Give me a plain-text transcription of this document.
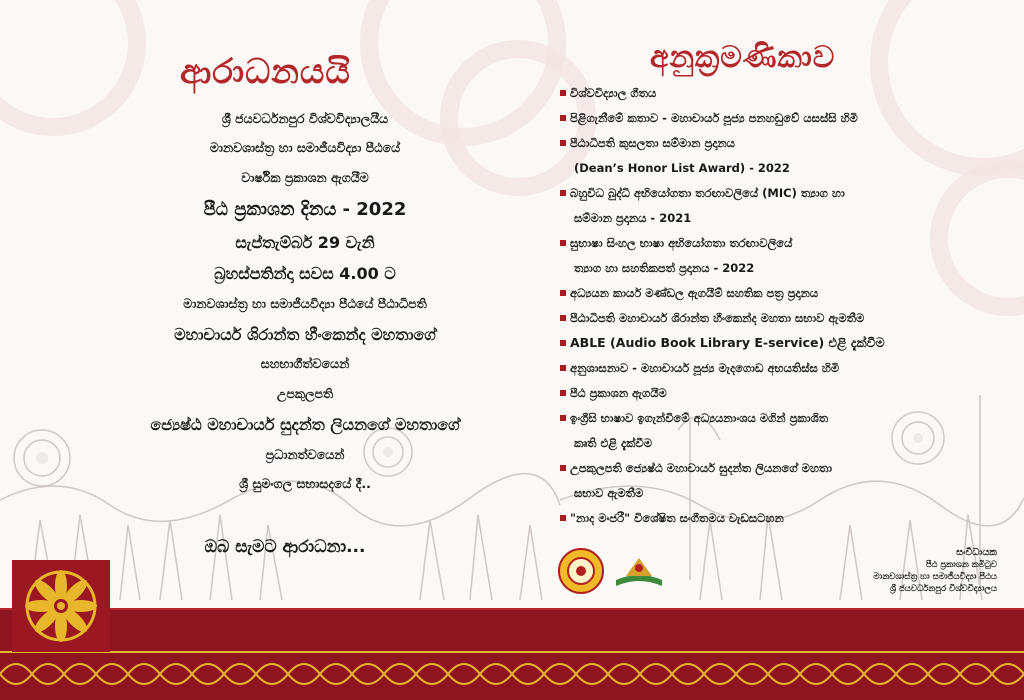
ආරාධනයයි
ශ්‍රී ජයවර්ධනපුර විශ්වවිද්‍යාලයීය
මානවශාස්ත්‍ර හා සමාජීයවිද්‍යා පීඨයේ
වාර්ෂික ප්‍රකාශන ඇගයීම
පීඨ ප්‍රකාශන දිනය - 2022
සැප්තැම්බර් 29 වැනි
බ්‍රහස්පතින්දා සවස 4.00 ට
මානවශාස්ත්‍ර හා සමාජීයවිද්‍යා පීඨයේ පීඨාධිපති
මහාචාර්ය ශිරාන්ත හීංකෙන්ද මහතාගේ
සහභාගීත්වයෙන්
උපකුලපති
ජ්‍යෙෂ්ඨ මහාචාර්ය සුදන්ත ලියනගේ මහතාගේ
ප්‍රධානත්වයෙන්
ශ්‍රී සුමංගල සභාසදයේ දී..
ඔබ සැමට ආරාධනා...
අනුක්‍රමණිකාව
විශ්වවිද්‍යාල ගීතය
පිළිගැනීමේ කතාව - මහාචාර්ය පූජ්‍ය පනහඩුවේ යසස්සි හිමි
පීඨාධිපති කුසලතා සම්මාන ප්‍රදානය
(Dean’s Honor List Award) - 2022
බහුවිධ බුද්ධි අභියෝගතා තරඟාවලියේ (MIC) ත්‍යාග හා
සම්මාන ප්‍රදානය - 2021
සුභාෂා සිංහල භාෂා අභියෝගතා තරඟාවලියේ
ත්‍යාග හා සහතිකපත් ප්‍රදානය - 2022
අධ්‍යයන කාර්ය මණ්ඩල ඇගයීම් සහතික පත්‍ර ප්‍රදානය
පීඨාධිපති මහාචාර්ය ශිරාන්ත හීංකෙන්ද මහතා සභාව ඇමතීම
ABLE (Audio Book Library E-service) එළි දැක්වීම
අනුශාසනාව - මහාචාර්ය පූජ්‍ය මැදගොඩ අභයතිස්ස හිමි
පීඨ ප්‍රකාශන ඇගයීම
ඉංග්‍රීසි භාෂාව ඉගැන්වීමේ අධ්‍යයනාංශය මගින් ප්‍රකාශිත
කෘති එළි දැක්වීම
උපකුලපති ජ්‍යෙෂ්ඨ මහාචාර්ය සුදන්ත ලියනගේ මහතා
සභාව ඇමතීම
"නාද මංජරී" විශේෂිත සංගීතමය වැඩසටහන
සංවිධායක
පීඨ ප්‍රකාශන කමිටුව
මානවශාස්ත්‍ර හා සමාජීයවිද්‍යා පීඨය
ශ්‍රී ජයවර්ධනපුර විශ්වවිද්‍යාලය
